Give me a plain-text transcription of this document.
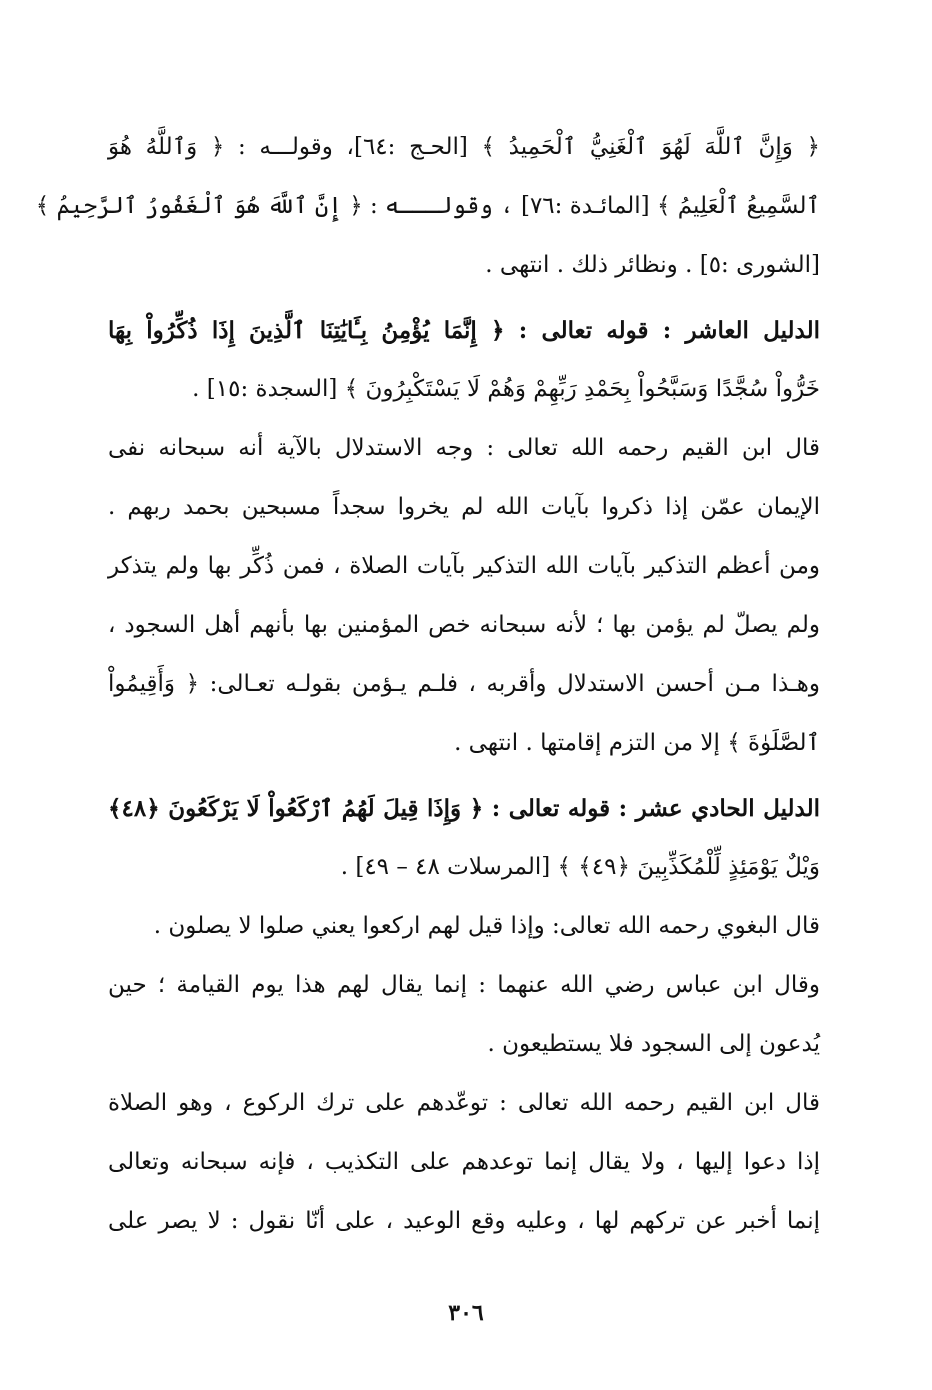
﴿ وَإِنَّ ٱللَّهَ لَهُوَ ٱلْغَنِيُّ ٱلْحَمِيدُ ﴾ [الحـج :٦٤]، وقولـــه : ﴿ وَٱللَّهُ هُوَ
ٱلسَّمِيعُ ٱلْعَلِيمُ ﴾ [المائـدة :٧٦] ، وقولـــه : ﴿ إِنَّ ٱللَّهَ هُوَ ٱلْغَفُورُ ٱلرَّحِيمُ ﴾
[الشورى :٥] . ونظائر ذلك . انتهى .
الدليل العاشر : قوله تعالى : ﴿ إِنَّمَا يُؤْمِنُ بِـَٔايَٰتِنَا ٱلَّذِينَ إِذَا ذُكِّرُواْ بِهَا
خَرُّواْ سُجَّدًا وَسَبَّحُواْ بِحَمْدِ رَبِّهِمْ وَهُمْ لَا يَسْتَكْبِرُونَ ﴾ [السجدة :١٥] .
قال ابن القيم رحمه الله تعالى : وجه الاستدلال بالآية أنه سبحانه نفى
الإيمان عمّن إذا ذكروا بآيات الله لم يخروا سجداً مسبحين بحمد ربهم .
ومن أعظم التذكير بآيات الله التذكير بآيات الصلاة ، فمن ذُكِّر بها ولم يتذكر
ولم يصلّ لم يؤمن بها ؛ لأنه سبحانه خص المؤمنين بها بأنهم أهل السجود ،
وهـذا مـن أحسن الاستدلال وأقربه ، فلـم يـؤمن بقولـه تعـالى: ﴿ وَأَقِيمُواْ
ٱلصَّلَوٰةَ ﴾ إلا من التزم إقامتها . انتهى .
الدليل الحادي عشر : قوله تعالى : ﴿ وَإِذَا قِيلَ لَهُمُ ٱرْكَعُواْ لَا يَرْكَعُونَ ﴿٤٨﴾
وَيْلٌ يَوْمَئِذٍ لِّلْمُكَذِّبِينَ ﴿٤٩﴾ ﴾ [المرسلات ٤٨ – ٤٩] .
قال البغوي رحمه الله تعالى: وإذا قيل لهم اركعوا يعني صلوا لا يصلون .
وقال ابن عباس رضي الله عنهما : إنما يقال لهم هذا يوم القيامة ؛ حين
يُدعون إلى السجود فلا يستطيعون .
قال ابن القيم رحمه الله تعالى : توعّدهم على ترك الركوع ، وهو الصلاة
إذا دعوا إليها ، ولا يقال إنما توعدهم على التكذيب ، فإنه سبحانه وتعالى
إنما أخبر عن تركهم لها ، وعليه وقع الوعيد ، على أنّا نقول : لا يصر على
٣٠٦
